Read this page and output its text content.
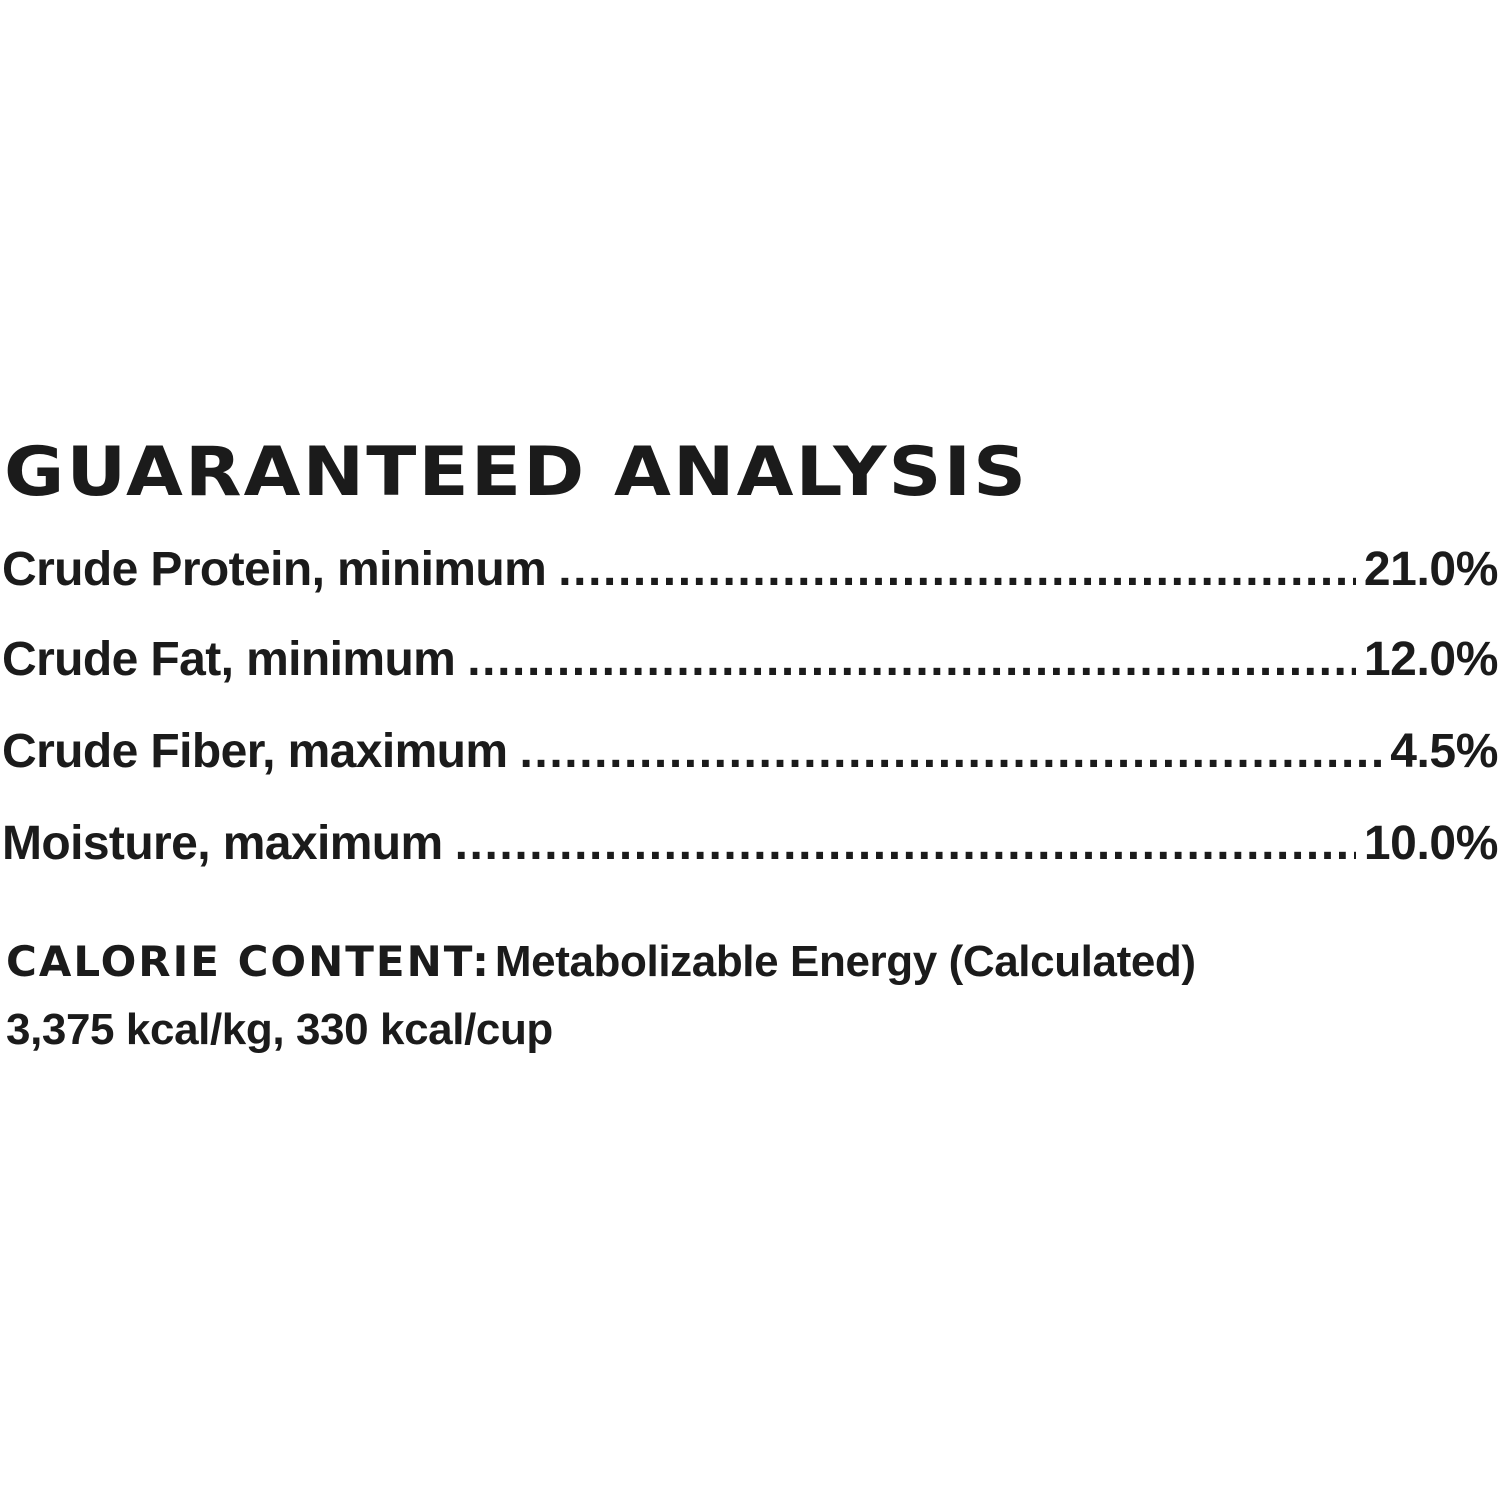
GUARANTEED ANALYSIS
Crude Protein, minimum .....	21.0%
Crude Fat, minimum .....	12.0%
Crude Fiber, maximum .....	4.5%
Moisture, maximum .....	10.0%
CALORIE CONTENT: Metabolizable Energy (Calculated)
3,375 kcal/kg, 330 kcal/cup
